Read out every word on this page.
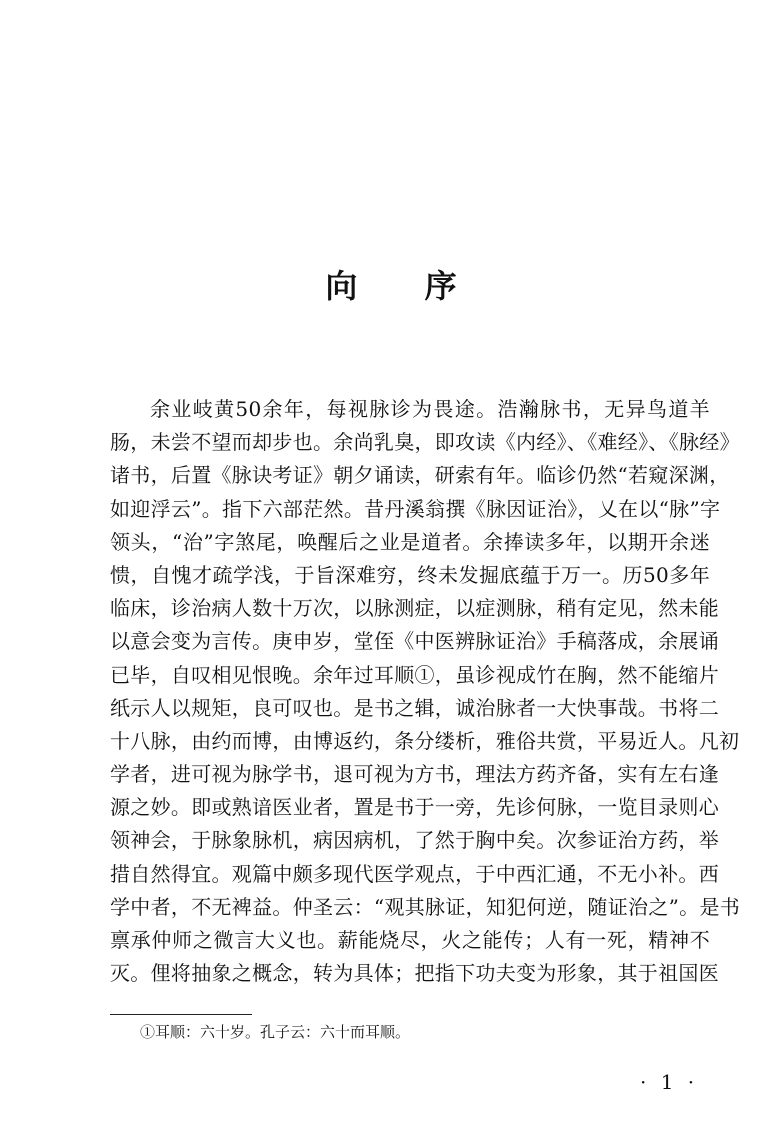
向 序
余业岐黄50余年，每视脉诊为畏途。浩瀚脉书，无异鸟道羊
肠，未尝不望而却步也。余尚乳臭，即攻读《内经》、《难经》、《脉经》
诸书，后置《脉诀考证》朝夕诵读，研索有年。临诊仍然“若窥深渊，
如迎浮云”。指下六部茫然。昔丹溪翁撰《脉因证治》，乂在以“脉”字
领头，“治”字煞尾，唤醒后之业是道者。余捧读多年，以期开余迷
愦，自愧才疏学浅，于旨深难穷，终未发掘底蕴于万一。历50多年
临床，诊治病人数十万次，以脉测症，以症测脉，稍有定见，然未能
以意会变为言传。庚申岁，堂侄《中医辨脉证治》手稿落成，余展诵
已毕，自叹相见恨晚。余年过耳顺①，虽诊视成竹在胸，然不能缩片
纸示人以规矩，良可叹也。是书之辑，诚治脉者一大快事哉。书将二
十八脉，由约而博，由博返约，条分缕析，雅俗共赏，平易近人。凡初
学者，进可视为脉学书，退可视为方书，理法方药齐备，实有左右逢
源之妙。即或熟谙医业者，置是书于一旁，先诊何脉，一览目录则心
领神会，于脉象脉机，病因病机，了然于胸中矣。次参证治方药，举
措自然得宜。观篇中颇多现代医学观点，于中西汇通，不无小补。西
学中者，不无裨益。仲圣云：“观其脉证，知犯何逆，随证治之”。是书
禀承仲师之微言大义也。薪能烧尽，火之能传；人有一死，精神不
灭。俚将抽象之概念，转为具体；把指下功夫变为形象，其于祖国医
①耳顺：六十岁。孔子云：六十而耳顺。
· 1 ·
